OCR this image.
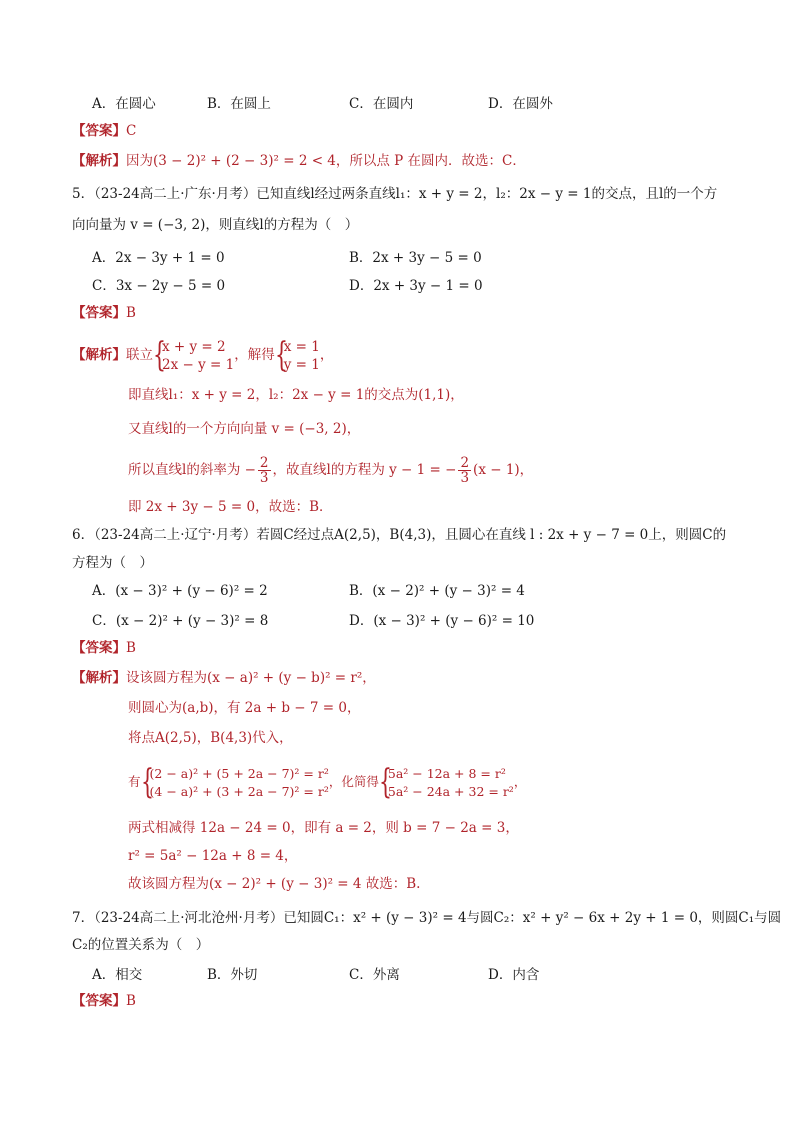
A．在圆心	B．在圆上	C．在圆内	D．在圆外
【答案】C
【解析】因为(3 − 2)² + (2 − 3)² = 2 < 4，所以点 P 在圆内．故选：C．
5．（23-24高二上·广东·月考）已知直线l经过两条直线l₁：x + y = 2，l₂：2x − y = 1的交点，且l的一个方
向向量为 v = (−3, 2)，则直线l的方程为（　）
A．2x − 3y + 1 = 0	B．2x + 3y − 5 = 0
C．3x − 2y − 5 = 0	D．2x + 3y − 1 = 0
【答案】B
【解析】联立 {
x + y = 2
2x − y = 1
，解得 {
x = 1
y = 1
，
即直线l₁：x + y = 2，l₂：2x − y = 1的交点为(1,1)，
又直线l的一个方向向量 v = (−3, 2)，
所以直线l的斜率为 − $\frac{2}{3}$ ，故直线l的方程为 y − 1 = − $\frac{2}{3} (x - 1)$，
即 2x + 3y − 5 = 0，故选：B．
6．（23-24高二上·辽宁·月考）若圆C经过点A(2,5)，B(4,3)，且圆心在直线 l : 2x + y − 7 = 0上，则圆C的
方程为（　）
A．(x − 3)² + (y − 6)² = 2	B．(x − 2)² + (y − 3)² = 4
C．(x − 2)² + (y − 3)² = 8	D．(x − 3)² + (y − 6)² = 10
【答案】B
【解析】设该圆方程为(x − a)² + (y − b)² = r²，
则圆心为(a,b)，有 2a + b − 7 = 0，
将点A(2,5)，B(4,3)代入，
有 {
(2 − a)² + (5 + 2a − 7)² = r²
(4 − a)² + (3 + 2a − 7)² = r²
，化简得 {
5a² − 12a + 8 = r²
5a² − 24a + 32 = r²
，
两式相减得 12a − 24 = 0，即有 a = 2，则 b = 7 − 2a = 3，
r² = 5a² − 12a + 8 = 4，
故该圆方程为(x − 2)² + (y − 3)² = 4 故选：B.
7．（23-24高二上·河北沧州·月考）已知圆C₁：x² + (y − 3)² = 4与圆C₂：x² + y² − 6x + 2y + 1 = 0，则圆C₁与圆
C₂的位置关系为（　）
A．相交	B．外切	C．外离	D．内含
【答案】B
